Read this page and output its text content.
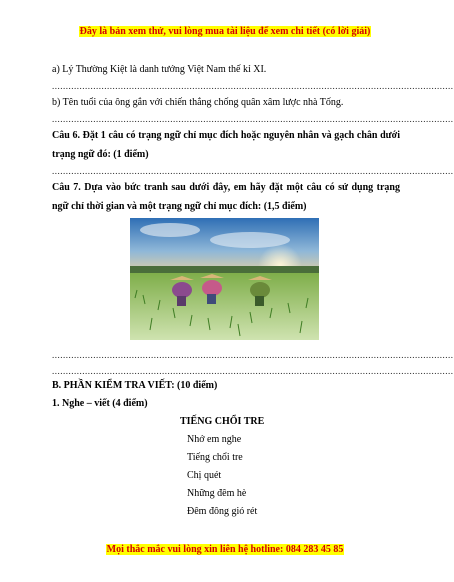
Đây là bản xem thử, vui lòng mua tài liệu để xem chi tiết (có lời giải)
a) Lý Thường Kiệt là danh tướng Việt Nam thế kỉ XI.
..................................................................................................................................................
b) Tên tuổi của ông gắn với chiến thắng chống quân xâm lược nhà Tống.
..................................................................................................................................................
Câu 6. Đặt 1 câu có trạng ngữ chỉ mục đích hoặc nguyên nhân và gạch chân dưới trạng ngữ đó: (1 điểm)
..................................................................................................................................................
Câu 7. Dựa vào bức tranh sau dưới đây, em hãy đặt một câu có sử dụng trạng ngữ chỉ thời gian và một trạng ngữ chỉ mục đích: (1,5 điểm)
..................................................................................................................................................
..................................................................................................................................................
B. PHẦN KIỂM TRA VIẾT: (10 điểm)
1. Nghe – viết (4 điểm)
TIẾNG CHỔI TRE
Nhớ em nghe
Tiếng chổi tre
Chị quét
Những đêm hè
Đêm đông gió rét
Mọi thắc mắc vui lòng xin liên hệ hotline: 084 283 45 85
